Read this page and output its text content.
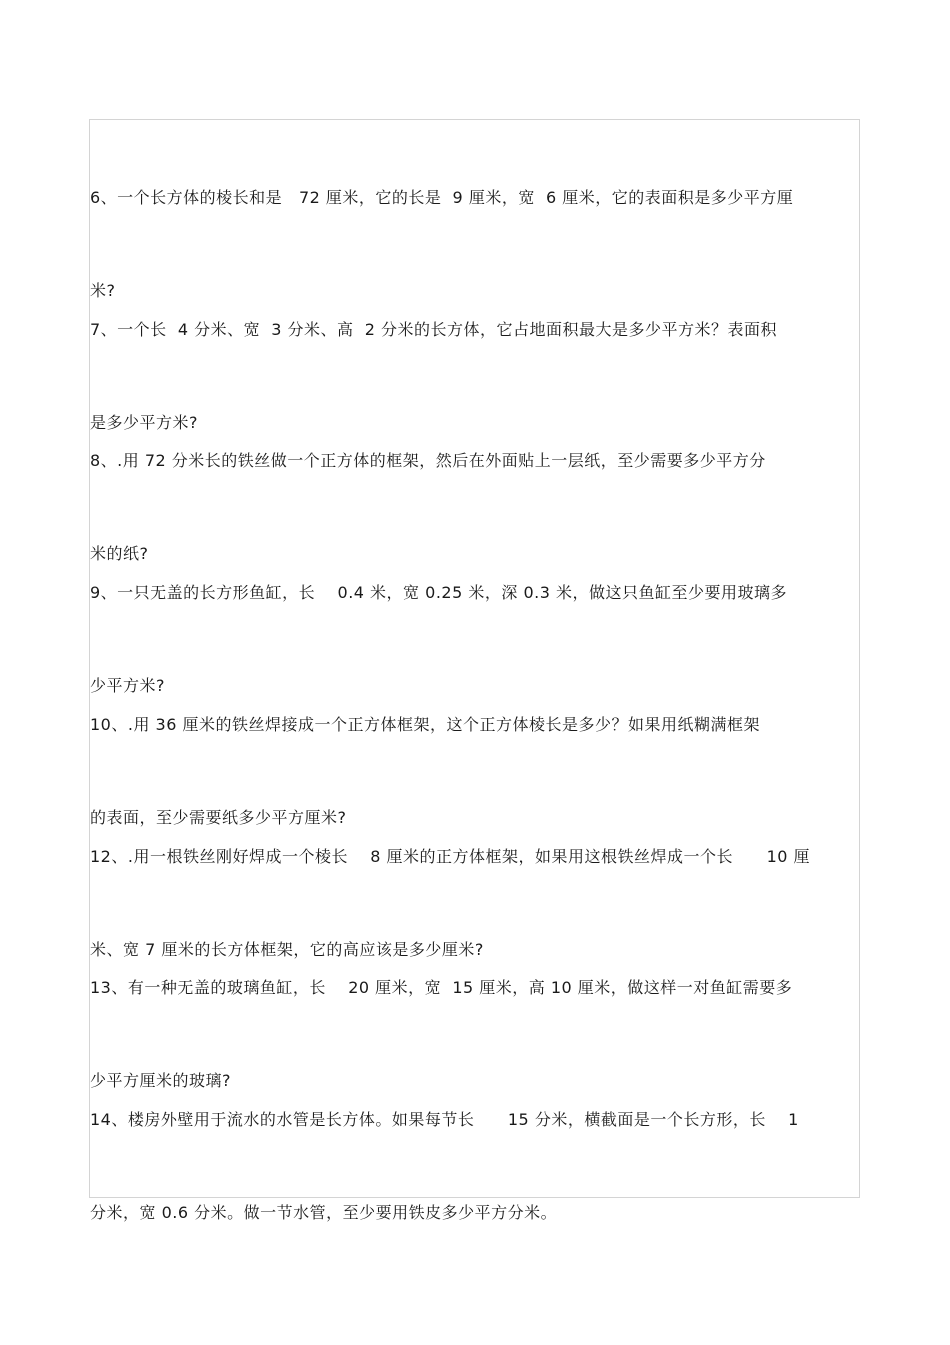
6、一个长方体的棱长和是   72 厘米，它的长是  9 厘米，宽  6 厘米，它的表面积是多少平方厘

米?

7、一个长  4 分米、宽  3 分米、高  2 分米的长方体，它占地面积最大是多少平方米？表面积

是多少平方米?

8、.用 72 分米长的铁丝做一个正方体的框架，然后在外面贴上一层纸，至少需要多少平方分

米的纸?

9、一只无盖的长方形鱼缸，长    0.4 米，宽 0.25 米，深 0.3 米，做这只鱼缸至少要用玻璃多

少平方米?

10、.用 36 厘米的铁丝焊接成一个正方体框架，这个正方体棱长是多少？如果用纸糊满框架

的表面，至少需要纸多少平方厘米?

12、.用一根铁丝刚好焊成一个棱长    8 厘米的正方体框架，如果用这根铁丝焊成一个长      10 厘

米、宽 7 厘米的长方体框架，它的高应该是多少厘米?

13、有一种无盖的玻璃鱼缸，长    20 厘米，宽  15 厘米，高 10 厘米，做这样一对鱼缸需要多

少平方厘米的玻璃?

14、楼房外壁用于流水的水管是长方体。如果每节长      15 分米，横截面是一个长方形，长    1

分米，宽 0.6 分米。做一节水管，至少要用铁皮多少平方分米。
